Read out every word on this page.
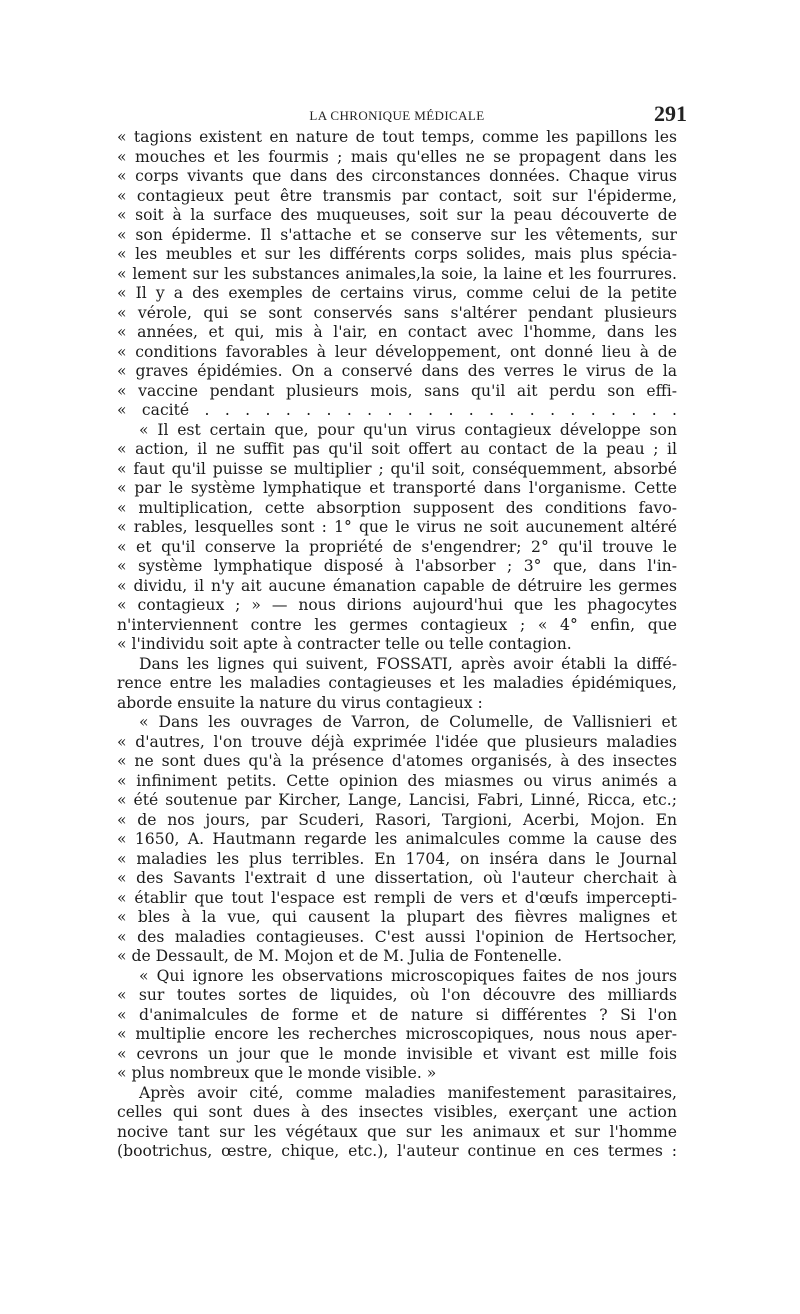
LA CHRONIQUE MÉDICALE	291
« tagions existent en nature de tout temps, comme les papillons les
« mouches et les fourmis ; mais qu'elles ne se propagent dans les
« corps vivants que dans des circonstances données. Chaque virus
« contagieux peut être transmis par contact, soit sur l'épiderme,
« soit à la surface des muqueuses, soit sur la peau découverte de
« son épiderme. Il s'attache et se conserve sur les vêtements, sur
« les meubles et sur les différents corps solides, mais plus spécia-
« lement sur les substances animales,la soie, la laine et les fourrures.
« Il y a des exemples de certains virus, comme celui de la petite
« vérole, qui se sont conservés sans s'altérer pendant plusieurs
« années, et qui, mis à l'air, en contact avec l'homme, dans les
« conditions favorables à leur développement, ont donné lieu à de
« graves épidémies. On a conservé dans des verres le virus de la
« vaccine pendant plusieurs mois, sans qu'il ait perdu son effi-
« cacité . . . . . . . . . . . . . . . . . . . . . . . .
« Il est certain que, pour qu'un virus contagieux développe son
« action, il ne suffit pas qu'il soit offert au contact de la peau ; il
« faut qu'il puisse se multiplier ; qu'il soit, conséquemment, absorbé
« par le système lymphatique et transporté dans l'organisme. Cette
« multiplication, cette absorption supposent des conditions favo-
« rables, lesquelles sont : 1° que le virus ne soit aucunement altéré
« et qu'il conserve la propriété de s'engendrer; 2° qu'il trouve le
« système lymphatique disposé à l'absorber ; 3° que, dans l'in-
« dividu, il n'y ait aucune émanation capable de détruire les germes
« contagieux ; » — nous dirions aujourd'hui que les phagocytes
n'interviennent contre les germes contagieux ; « 4° enfin, que
« l'individu soit apte à contracter telle ou telle contagion.
Dans les lignes qui suivent, FOSSATI, après avoir établi la diffé-
rence entre les maladies contagieuses et les maladies épidémiques,
aborde ensuite la nature du virus contagieux :
« Dans les ouvrages de Varron, de Columelle, de Vallisnieri et
« d'autres, l'on trouve déjà exprimée l'idée que plusieurs maladies
« ne sont dues qu'à la présence d'atomes organisés, à des insectes
« infiniment petits. Cette opinion des miasmes ou virus animés a
« été soutenue par Kircher, Lange, Lancisi, Fabri, Linné, Ricca, etc.;
« de nos jours, par Scuderi, Rasori, Targioni, Acerbi, Mojon. En
« 1650, A. Hautmann regarde les animalcules comme la cause des
« maladies les plus terribles. En 1704, on inséra dans le Journal
« des Savants l'extrait d une dissertation, où l'auteur cherchait à
« établir que tout l'espace est rempli de vers et d'œufs impercepti-
« bles à la vue, qui causent la plupart des fièvres malignes et
« des maladies contagieuses. C'est aussi l'opinion de Hertsocher,
« de Dessault, de M. Mojon et de M. Julia de Fontenelle.
« Qui ignore les observations microscopiques faites de nos jours
« sur toutes sortes de liquides, où l'on découvre des milliards
« d'animalcules de forme et de nature si différentes ? Si l'on
« multiplie encore les recherches microscopiques, nous nous aper-
« cevrons un jour que le monde invisible et vivant est mille fois
« plus nombreux que le monde visible. »
Après avoir cité, comme maladies manifestement parasitaires,
celles qui sont dues à des insectes visibles, exerçant une action
nocive tant sur les végétaux que sur les animaux et sur l'homme
(bootrichus, œstre, chique, etc.), l'auteur continue en ces termes :
